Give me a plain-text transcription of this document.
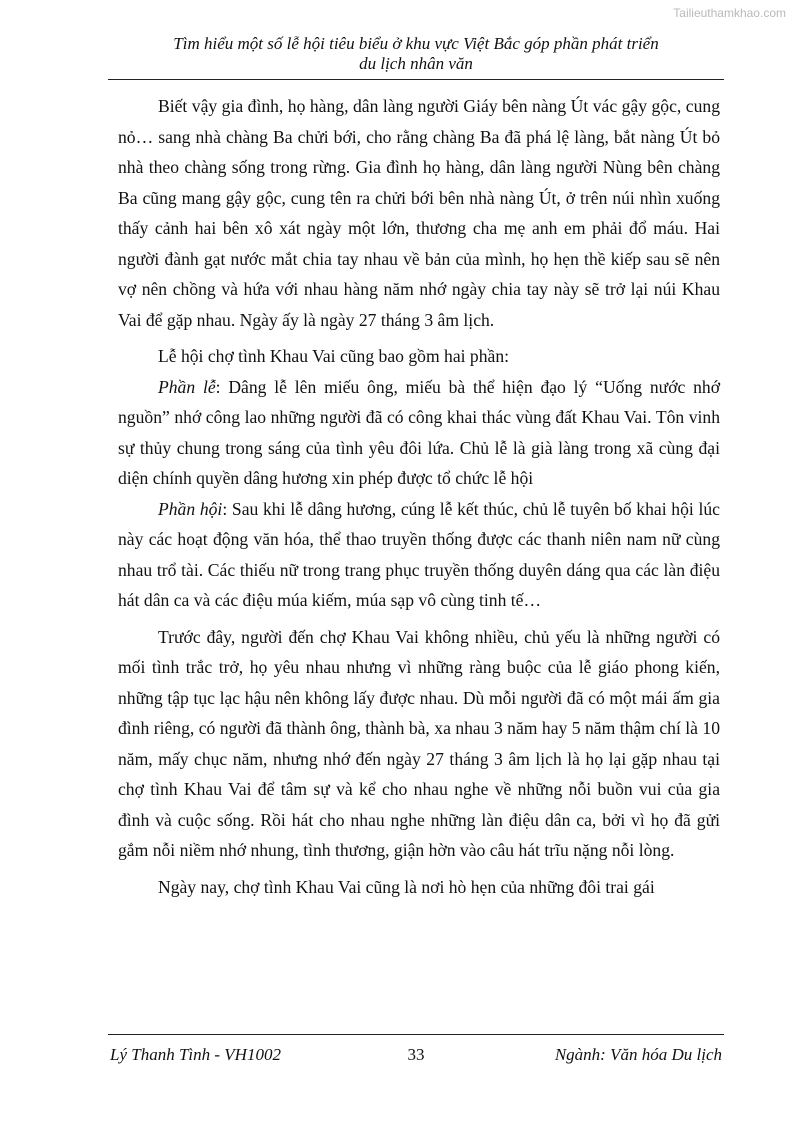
Tailieuthamkhao.com
Tìm hiểu một số lễ hội tiêu biểu ở khu vực Việt Bắc góp phần phát triển
du lịch nhân văn

Biết vậy gia đình, họ hàng, dân làng người Giáy bên nàng Út vác gậy gộc, cung nỏ… sang nhà chàng Ba chửi bới, cho rằng chàng Ba đã phá lệ làng, bắt nàng Út bỏ nhà theo chàng sống trong rừng. Gia đình họ hàng, dân làng người Nùng bên chàng Ba cũng mang gậy gộc, cung tên ra chửi bới bên nhà nàng Út, ở trên núi nhìn xuống thấy cảnh hai bên xô xát ngày một lớn, thương cha mẹ anh em phải đổ máu. Hai người đành gạt nước mắt chia tay nhau về bản của mình, họ hẹn thề kiếp sau sẽ nên vợ nên chồng và hứa với nhau hàng năm nhớ ngày chia tay này sẽ trở lại núi Khau Vai để gặp nhau. Ngày ấy là ngày 27 tháng 3 âm lịch.

Lễ hội chợ tình Khau Vai cũng bao gồm hai phần:

Phần lễ: Dâng lễ lên miếu ông, miếu bà thể hiện đạo lý “Uống nước nhớ nguồn” nhớ công lao những người đã có công khai thác vùng đất Khau Vai. Tôn vinh sự thủy chung trong sáng của tình yêu đôi lứa. Chủ lễ là già làng trong xã cùng đại diện chính quyền dâng hương xin phép được tổ chức lễ hội

Phần hội: Sau khi lễ dâng hương, cúng lễ kết thúc, chủ lễ tuyên bố khai hội lúc này các hoạt động văn hóa, thể thao truyền thống được các thanh niên nam nữ cùng nhau trổ tài. Các thiếu nữ trong trang phục truyền thống duyên dáng qua các làn điệu hát dân ca và các điệu múa kiếm, múa sạp vô cùng tinh tế…

Trước đây, người đến chợ Khau Vai không nhiều, chủ yếu là những người có mối tình trắc trở, họ yêu nhau nhưng vì những ràng buộc của lễ giáo phong kiến, những tập tục lạc hậu nên không lấy được nhau. Dù mỗi người đã có một mái ấm gia đình riêng, có người đã thành ông, thành bà, xa nhau 3 năm hay 5 năm thậm chí là 10 năm, mấy chục năm, nhưng nhớ đến ngày 27 tháng 3 âm lịch là họ lại gặp nhau tại chợ tình Khau Vai để tâm sự và kể cho nhau nghe về những nỗi buồn vui của gia đình và cuộc sống. Rồi hát cho nhau nghe những làn điệu dân ca, bởi vì họ đã gửi gắm nỗi niềm nhớ nhung, tình thương, giận hờn vào câu hát trĩu nặng nỗi lòng.

Ngày nay, chợ tình Khau Vai cũng là nơi hò hẹn của những đôi trai gái

Lý Thanh Tình - VH1002	33	Ngành: Văn hóa Du lịch
